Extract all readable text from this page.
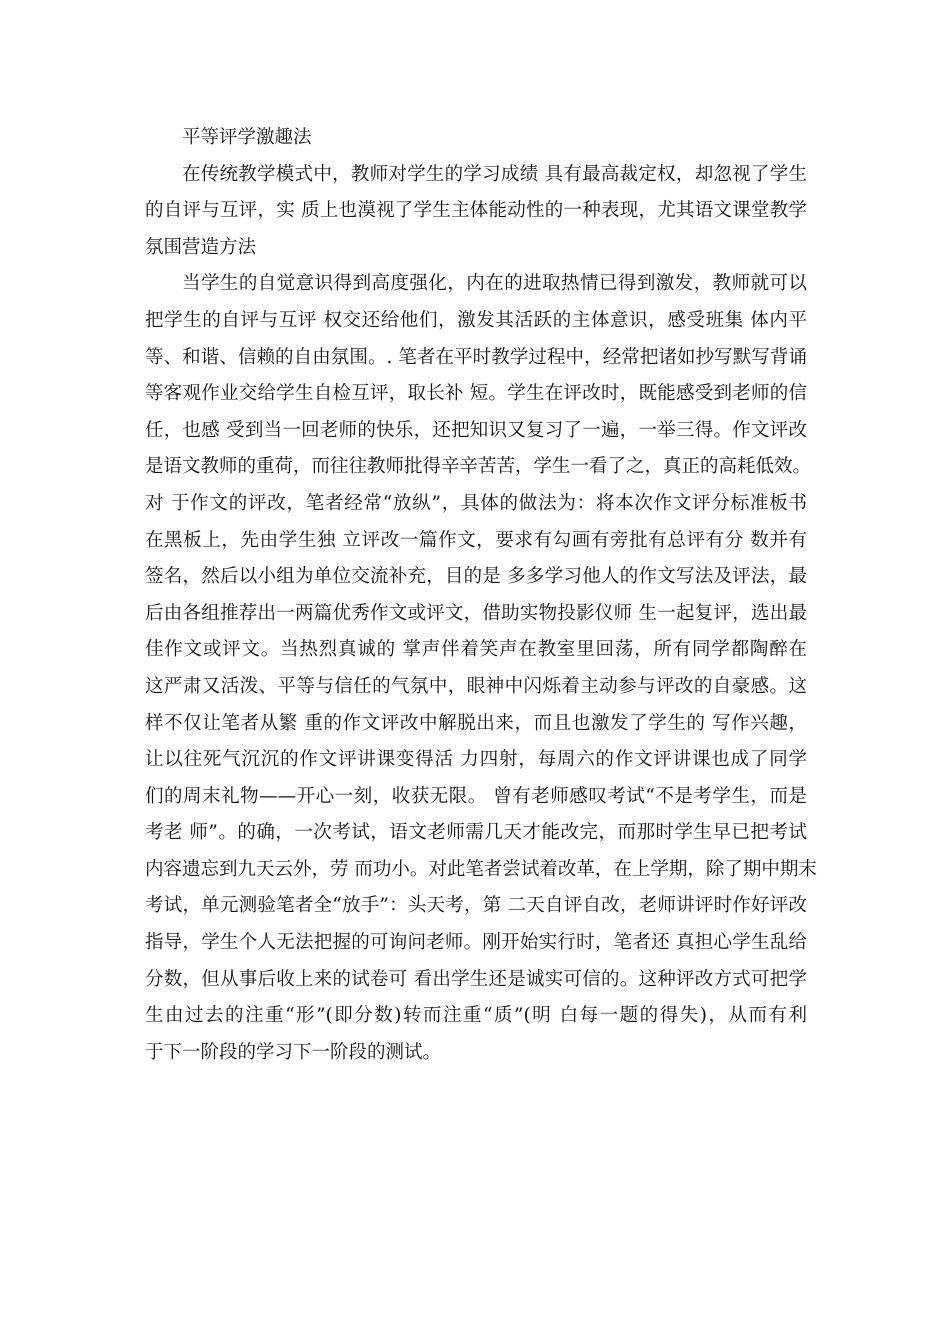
平等评学激趣法
在传统教学模式中，教师对学生的学习成绩 具有最高裁定权，却忽视了学生
的自评与互评，实 质上也漠视了学生主体能动性的一种表现，尤其语文课堂教学
氛围营造方法
当学生的自觉意识得到高度强化，内在的进取热情已得到激发，教师就可以
把学生的自评与互评 权交还给他们，激发其活跃的主体意识，感受班集 体内平
等、和谐、信赖的自由氛围。. 笔者在平时教学过程中，经常把诸如抄写默写背诵
等客观作业交给学生自检互评，取长补 短。学生在评改时，既能感受到老师的信
任，也感 受到当一回老师的快乐，还把知识又复习了一遍，一举三得。作文评改
是语文教师的重荷，而往往教师批得辛辛苦苦，学生一看了之，真正的高耗低效。
对 于作文的评改，笔者经常“放纵”，具体的做法为：将本次作文评分标准板书
在黑板上，先由学生独 立评改一篇作文，要求有勾画有旁批有总评有分 数并有
签名，然后以小组为单位交流补充，目的是 多多学习他人的作文写法及评法，最
后由各组推荐出一两篇优秀作文或评文，借助实物投影仪师 生一起复评，选出最
佳作文或评文。当热烈真诚的 掌声伴着笑声在教室里回荡，所有同学都陶醉在
这严肃又活泼、平等与信任的气氛中，眼神中闪烁着主动参与评改的自豪感。这
样不仅让笔者从繁 重的作文评改中解脱出来，而且也激发了学生的 写作兴趣，
让以往死气沉沉的作文评讲课变得活 力四射，每周六的作文评讲课也成了同学
们的周末礼物——开心一刻，收获无限。 曾有老师感叹考试“不是考学生，而是
考老 师”。的确，一次考试，语文老师需几天才能改完，而那时学生早已把考试
内容遗忘到九天云外，劳 而功小。对此笔者尝试着改革，在上学期，除了期中期末
考试，单元测验笔者全“放手”：头天考，第 二天自评自改，老师讲评时作好评改
指导，学生个人无法把握的可询问老师。刚开始实行时，笔者还 真担心学生乱给
分数，但从事后收上来的试卷可 看出学生还是诚实可信的。这种评改方式可把学
生由过去的注重“形”(即分数)转而注重“质”(明 白每一题的得失)，从而有利
于下一阶段的学习下一阶段的测试。
